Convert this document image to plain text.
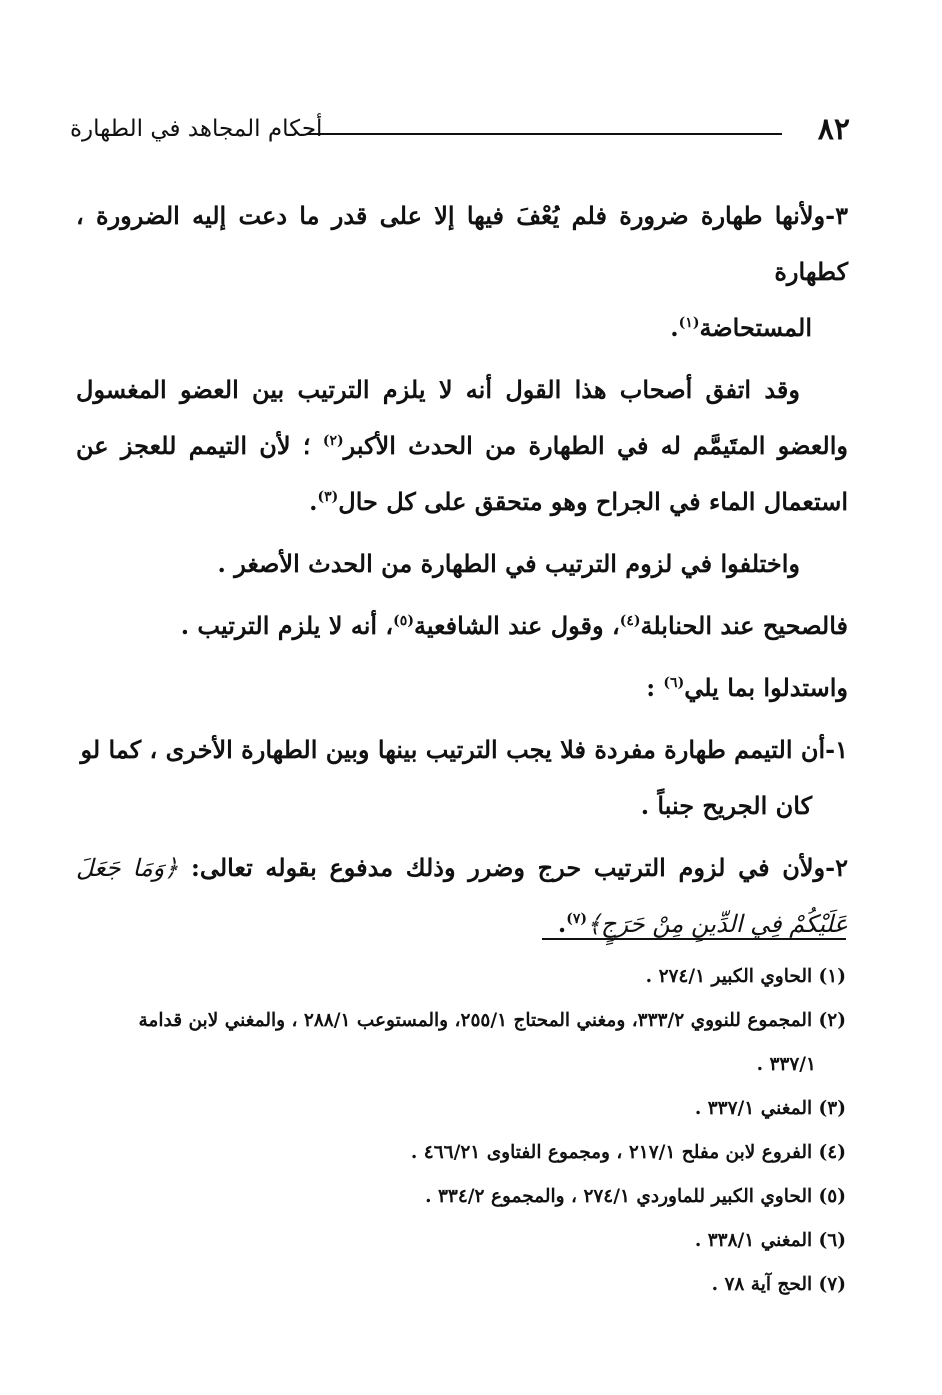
٨٢
أحكام المجاهد في الطهارة

٣-ولأنها طهارة ضرورة فلم يُعْفَ فيها إلا على قدر ما دعت إليه الضرورة ، كطهارة
المستحاضة$^{(١)}$.

وقد اتفق أصحاب هذا القول أنه لا يلزم الترتيب بين العضو المغسول والعضو المتَيمَّم له في الطهارة من الحدث الأكبر$^{(٢)}$ ؛ لأن التيمم للعجز عن استعمال الماء في الجراح وهو متحقق على كل حال$^{(٣)}$.

واختلفوا في لزوم الترتيب في الطهارة من الحدث الأصغر .

فالصحيح عند الحنابلة$^{(٤)}$، وقول عند الشافعية$^{(٥)}$، أنه لا يلزم الترتيب .

واستدلوا بما يلي$^{(٦)}$ :

١-أن التيمم طهارة مفردة فلا يجب الترتيب بينها وبين الطهارة الأخرى ، كما لو
كان الجريح جنباً .

٢-ولأن في لزوم الترتيب حرج وضرر وذلك مدفوع بقوله تعالى: ﴿وَمَا جَعَلَ عَلَيْكُمْ فِي الدِّينِ مِنْ حَرَجٍ﴾$^{(٧)}$.

(١) الحاوي الكبير ٢٧٤/١ .

(٢) المجموع للنووي ٣٣٣/٢، ومغني المحتاج ٢٥٥/١، والمستوعب ٢٨٨/١ ، والمغني لابن قدامة
٣٣٧/١ .

(٣) المغني ٣٣٧/١ .

(٤) الفروع لابن مفلح ٢١٧/١ ، ومجموع الفتاوى ٤٦٦/٢١ .

(٥) الحاوي الكبير للماوردي ٢٧٤/١ ، والمجموع ٣٣٤/٢ .

(٦) المغني ٣٣٨/١ .

(٧) الحج آية ٧٨ .
